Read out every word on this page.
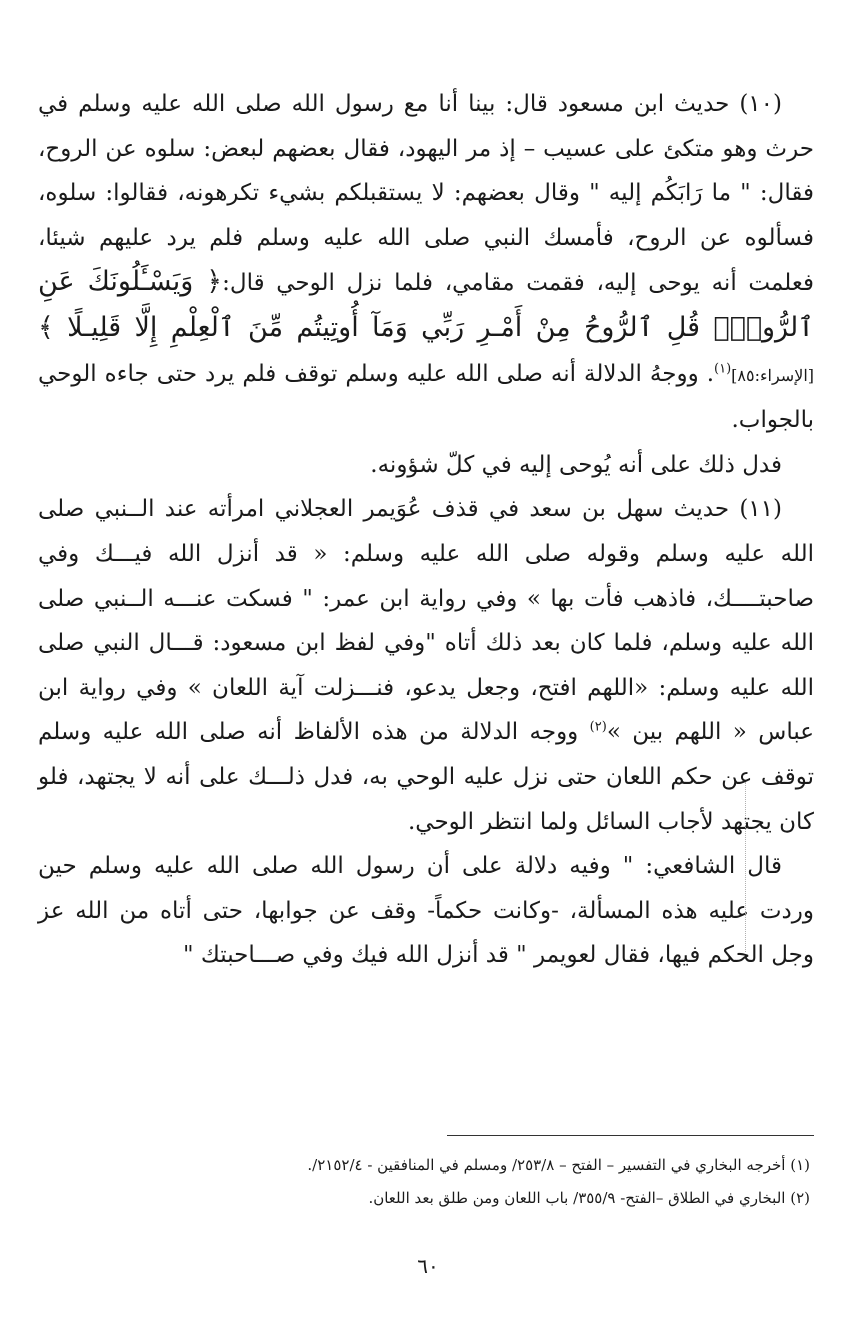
(١٠) حديث ابن مسعود قال: بينا أنا مع رسول الله صلى الله عليه وسلم في حرث وهو متكئ على عسيب – إذ مر اليهود، فقال بعضهم لبعض: سلوه عن الروح، فقال: " ما رَابَكُم إليه " وقال بعضهم: لا يستقبلكم بشيء تكرهونه، فقالوا: سلوه، فسألوه عن الروح، فأمسك النبي صلى الله عليه وسلم فلم يرد عليهم شيئا، فعلمت أنه يوحى إليه، فقمت مقامي، فلما نزل الوحي قال:﴿ وَيَسْـَٔلُونَكَ عَنِ ٱلرُّوحِۖ قُلِ ٱلرُّوحُ مِنْ أَمْـرِ رَبِّي وَمَآ أُوتِيتُم مِّنَ ٱلْعِلْمِ إِلَّا قَلِيـلًا ﴾[الإسراء:٨٥]$^{(١)}$. ووجهُ الدلالة أنه صلى الله عليه وسلم توقف فلم يرد حتى جاءه الوحي بالجواب.

فدل ذلك على أنه يُوحى إليه في كلّ شؤونه.

(١١) حديث سهل بن سعد في قذف عُوَيمر العجلاني امرأته عند الــنبي صلى الله عليه وسلم وقوله صلى الله عليه وسلم: « قد أنزل الله فيـــك وفي صاحبتــــك، فاذهب فأت بها » وفي رواية ابن عمر: " فسكت عنـــه الــنبي صلى الله عليه وسلم، فلما كان بعد ذلك أتاه "وفي لفظ ابن مسعود: قـــال النبي صلى الله عليه وسلم: «اللهم افتح، وجعل يدعو، فنـــزلت آية اللعان » وفي رواية ابن عباس « اللهم بين »$^{(٢)}$ ووجه الدلالة من هذه الألفاظ أنه صلى الله عليه وسلم توقف عن حكم اللعان حتى نزل عليه الوحي به، فدل ذلـــك على أنه لا يجتهد، فلو كان يجتهد لأجاب السائل ولما انتظر الوحي.

قال الشافعي: " وفيه دلالة على أن رسول الله صلى الله عليه وسلم حين وردت عليه هذه المسألة، -وكانت حكماً- وقف عن جوابها، حتى أتاه من الله عز وجل الحكم فيها، فقال لعويمر " قد أنزل الله فيك وفي صـــاحبتك "

(١) أخرجه البخاري في التفسير – الفتح – ٢٥٣/٨/ ومسلم في المنافقين - ٢١٥٢/٤/.

(٢) البخاري في الطلاق –الفتح- ٣٥٥/٩/ باب اللعان ومن طلق بعد اللعان.

٦٠
